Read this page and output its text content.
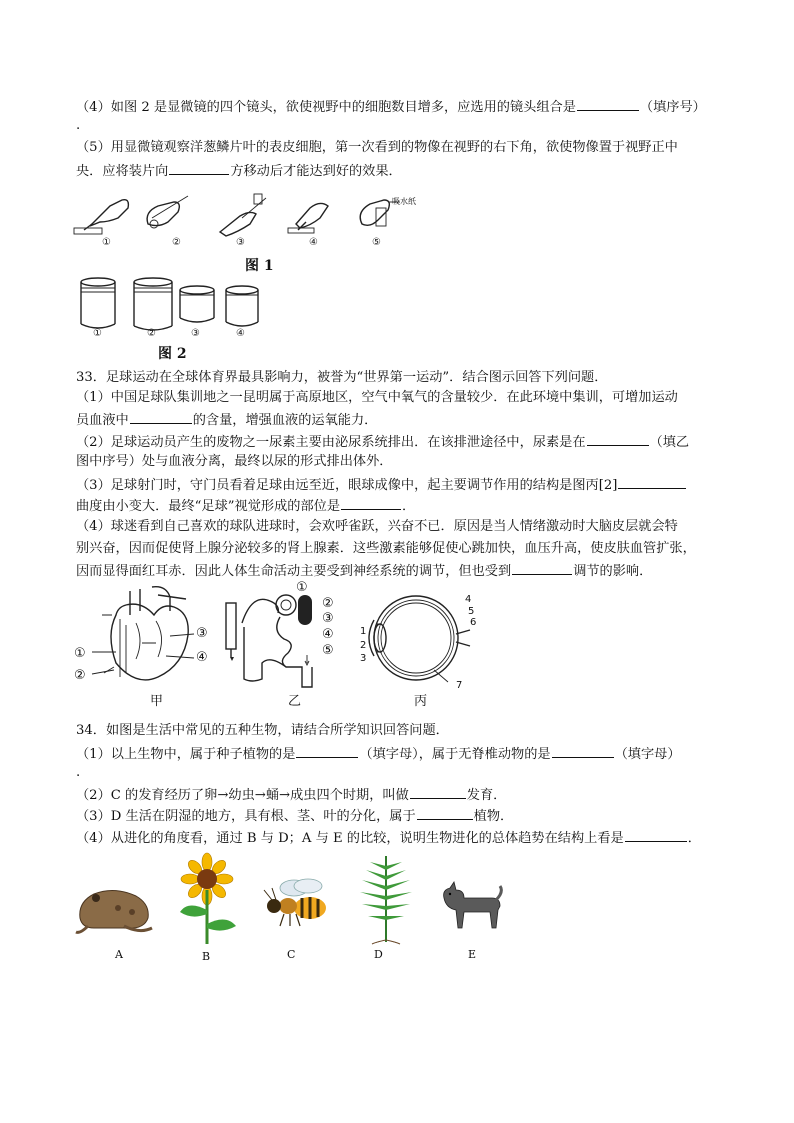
（4）如图 2 是显微镜的四个镜头，欲使视野中的细胞数目增多，应选用的镜头组合是	（填序号）
.
（5）用显微镜观察洋葱鳞片叶的表皮细胞，第一次看到的物像在视野的右下角，欲使物像置于视野正中
央．应将装片向	方移动后才能达到好的效果．
吸水纸
①	②	③	④	⑤
图 1
①	②	③	④
图 2
33．足球运动在全球体育界最具影响力，被誉为“世界第一运动”．结合图示回答下列问题．
（1）中国足球队集训地之一昆明属于高原地区，空气中氧气的含量较少．在此环境中集训，可增加运动
员血液中	的含量，增强血液的运氧能力．
（2）足球运动员产生的废物之一尿素主要由泌尿系统排出．在该排泄途径中，尿素是在	（填乙
图中序号）处与血液分离，最终以尿的形式排出体外．
（3）足球射门时，守门员看着足球由远至近，眼球成像中，起主要调节作用的结构是图丙[2]
曲度由小变大．最终“足球”视觉形成的部位是	．
（4）球迷看到自己喜欢的球队进球时，会欢呼雀跃，兴奋不已．原因是当人情绪激动时大脑皮层就会特
别兴奋，因而促使肾上腺分泌较多的肾上腺素．这些激素能够促使心跳加快，血压升高，使皮肤血管扩张，
因而显得面红耳赤．因此人体生命活动主要受到神经系统的调节，但也受到	调节的影响．
③
④
①
②
甲
①
②
③
④
⑤
乙
4
5
6
1
2
3
7
丙
34．如图是生活中常见的五种生物，请结合所学知识回答问题．
（1）以上生物中，属于种子植物的是	（填字母），属于无脊椎动物的是	（填字母）
.
（2）C 的发育经历了卵→幼虫→蛹→成虫四个时期，叫做	发育．
（3）D 生活在阴湿的地方，具有根、茎、叶的分化，属于	植物．
（4）从进化的角度看，通过 B 与 D；A 与 E 的比较，说明生物进化的总体趋势在结构上看是	．
A	B	C	D	E
